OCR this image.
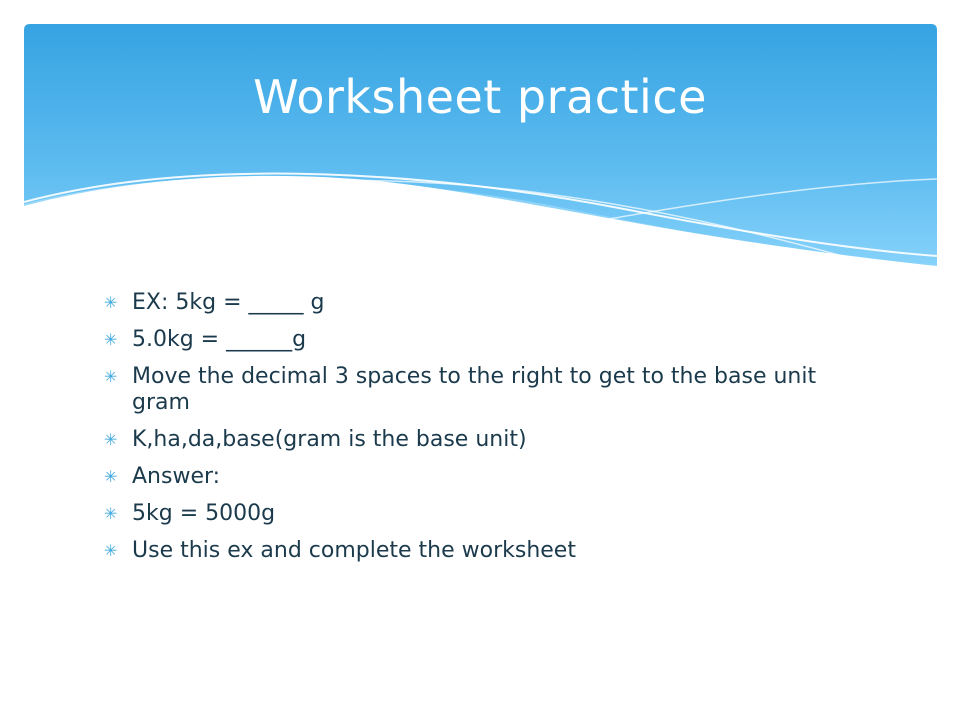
Worksheet practice
✳ EX: 5kg = _____ g
✳ 5.0kg = ______g
✳ Move the decimal 3 spaces to the right to get to the base unit gram
✳ K,ha,da,base(gram is the base unit)
✳ Answer:
✳ 5kg = 5000g
✳ Use this ex and complete the worksheet
